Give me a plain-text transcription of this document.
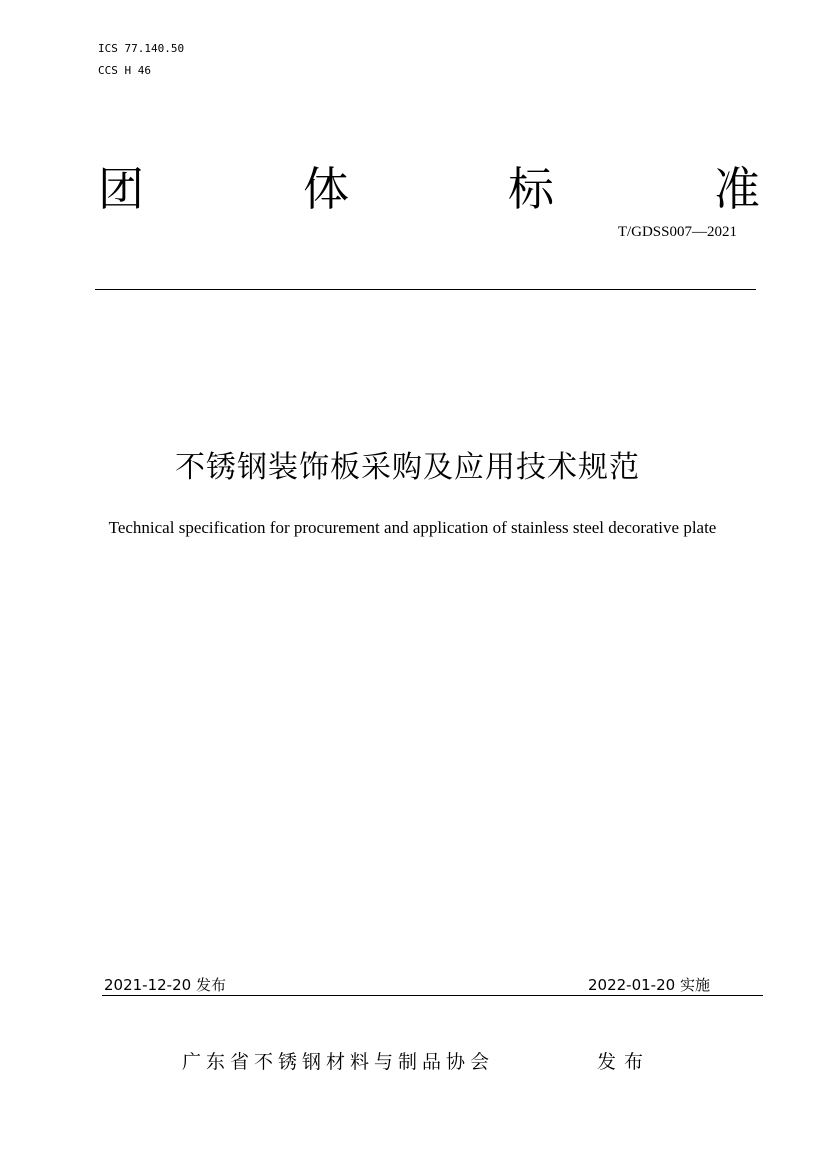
ICS 77.140.50
CCS H 46
团	体	标	准
T/GDSS007—2021
不锈钢装饰板采购及应用技术规范
Technical specification for procurement and application of stainless steel decorative plate
2021-12-20 发布	2022-01-20 实施
广东省不锈钢材料与制品协会	发布
